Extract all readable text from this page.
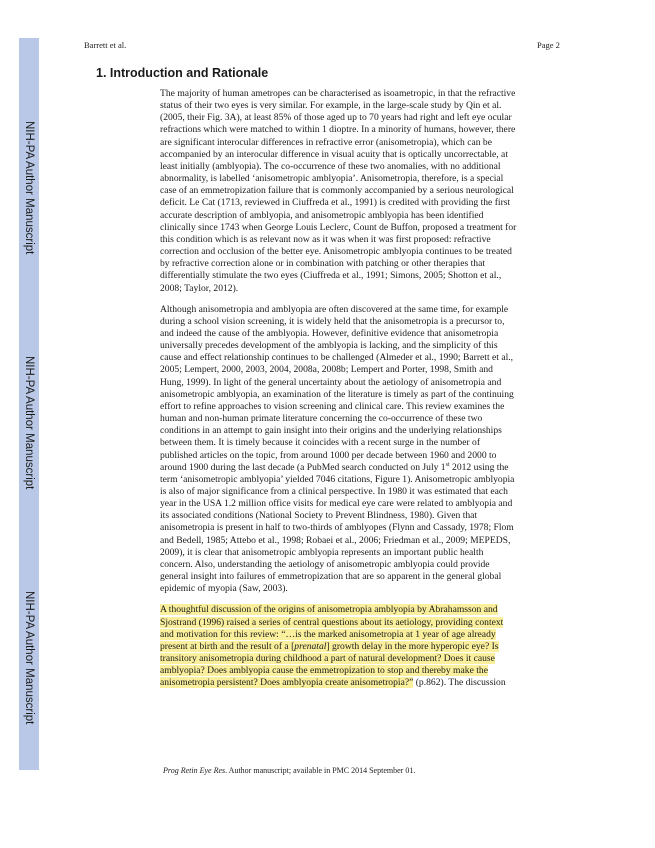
NIH-PA Author Manuscript
NIH-PA Author Manuscript
NIH-PA Author Manuscript
Barrett et al.	Page 2
1. Introduction and Rationale

The majority of human ametropes can be characterised as isoametropic, in that the refractive
status of their two eyes is very similar. For example, in the large-scale study by Qin et al.
(2005, their Fig. 3A), at least 85% of those aged up to 70 years had right and left eye ocular
refractions which were matched to within 1 dioptre. In a minority of humans, however, there
are significant interocular differences in refractive error (anisometropia), which can be
accompanied by an interocular difference in visual acuity that is optically uncorrectable, at
least initially (amblyopia). The co-occurrence of these two anomalies, with no additional
abnormality, is labelled ‘anisometropic amblyopia’. Anisometropia, therefore, is a special
case of an emmetropization failure that is commonly accompanied by a serious neurological
deficit. Le Cat (1713, reviewed in Ciuffreda et al., 1991) is credited with providing the first
accurate description of amblyopia, and anisometropic amblyopia has been identified
clinically since 1743 when George Louis Leclerc, Count de Buffon, proposed a treatment for
this condition which is as relevant now as it was when it was first proposed: refractive
correction and occlusion of the better eye. Anisometropic amblyopia continues to be treated
by refractive correction alone or in combination with patching or other therapies that
differentially stimulate the two eyes (Ciuffreda et al., 1991; Simons, 2005; Shotton et al.,
2008; Taylor, 2012).

Although anisometropia and amblyopia are often discovered at the same time, for example
during a school vision screening, it is widely held that the anisometropia is a precursor to,
and indeed the cause of the amblyopia. However, definitive evidence that anisometropia
universally precedes development of the amblyopia is lacking, and the simplicity of this
cause and effect relationship continues to be challenged (Almeder et al., 1990; Barrett et al.,
2005; Lempert, 2000, 2003, 2004, 2008a, 2008b; Lempert and Porter, 1998, Smith and
Hung, 1999). In light of the general uncertainty about the aetiology of anisometropia and
anisometropic amblyopia, an examination of the literature is timely as part of the continuing
effort to refine approaches to vision screening and clinical care. This review examines the
human and non-human primate literature concerning the co-occurrence of these two
conditions in an attempt to gain insight into their origins and the underlying relationships
between them. It is timely because it coincides with a recent surge in the number of
published articles on the topic, from around 1000 per decade between 1960 and 2000 to
around 1900 during the last decade (a PubMed search conducted on July 1st 2012 using the
term ‘anisometropic amblyopia’ yielded 7046 citations, Figure 1). Anisometropic amblyopia
is also of major significance from a clinical perspective. In 1980 it was estimated that each
year in the USA 1.2 million office visits for medical eye care were related to amblyopia and
its associated conditions (National Society to Prevent Blindness, 1980). Given that
anisometropia is present in half to two-thirds of amblyopes (Flynn and Cassady, 1978; Flom
and Bedell, 1985; Attebo et al., 1998; Robaei et al., 2006; Friedman et al., 2009; MEPEDS,
2009), it is clear that anisometropic amblyopia represents an important public health
concern. Also, understanding the aetiology of anisometropic amblyopia could provide
general insight into failures of emmetropization that are so apparent in the general global
epidemic of myopia (Saw, 2003).

A thoughtful discussion of the origins of anisometropia amblyopia by Abrahamsson and
Sjostrand (1996) raised a series of central questions about its aetiology, providing context
and motivation for this review: “…is the marked anisometropia at 1 year of age already
present at birth and the result of a [prenatal] growth delay in the more hyperopic eye? Is
transitory anisometropia during childhood a part of natural development? Does it cause
amblyopia? Does amblyopia cause the emmetropization to stop and thereby make the
anisometropia persistent? Does amblyopia create anisometropia?” (p.862). The discussion

Prog Retin Eye Res. Author manuscript; available in PMC 2014 September 01.
